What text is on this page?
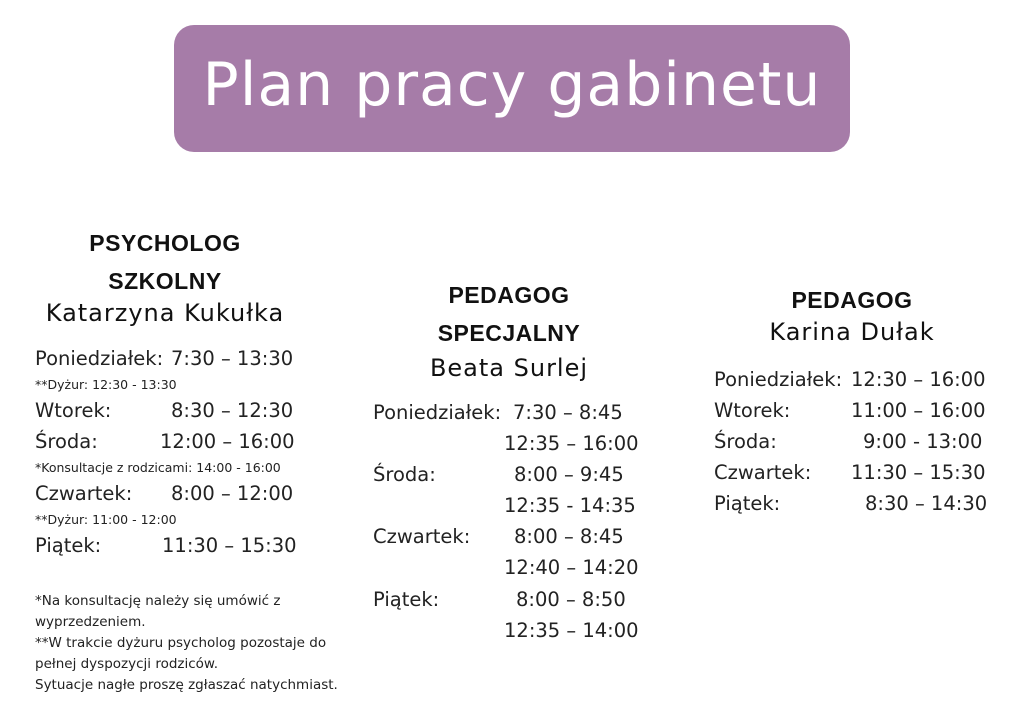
Plan pracy gabinetu
PSYCHOLOG
SZKOLNY
Katarzyna Kukułka
Poniedziałek: 7:30 – 13:30
**Dyżur: 12:30 - 13:30
Wtorek:	8:30 – 12:30
Środa:	12:00 – 16:00
*Konsultacje z rodzicami: 14:00 - 16:00
Czwartek: 8:00 – 12:00
**Dyżur: 11:00 - 12:00
Piątek:	11:30 – 15:30
*Na konsultację należy się umówić z
wyprzedzeniem.
**W trakcie dyżuru psycholog pozostaje do
pełnej dyspozycji rodziców.
Sytuacje nagłe proszę zgłaszać natychmiast.
PEDAGOG
SPECJALNY
Beata Surlej
Poniedziałek: 7:30 – 8:45
12:35 – 16:00
Środa:	8:00 – 9:45
12:35 - 14:35
Czwartek: 8:00 – 8:45
12:40 – 14:20
Piątek:	8:00 – 8:50
12:35 – 14:00
PEDAGOG
Karina Dułak
Poniedziałek: 12:30 – 16:00
Wtorek:	11:00 – 16:00
Środa:	9:00 - 13:00
Czwartek: 11:30 – 15:30
Piątek:	8:30 – 14:30
